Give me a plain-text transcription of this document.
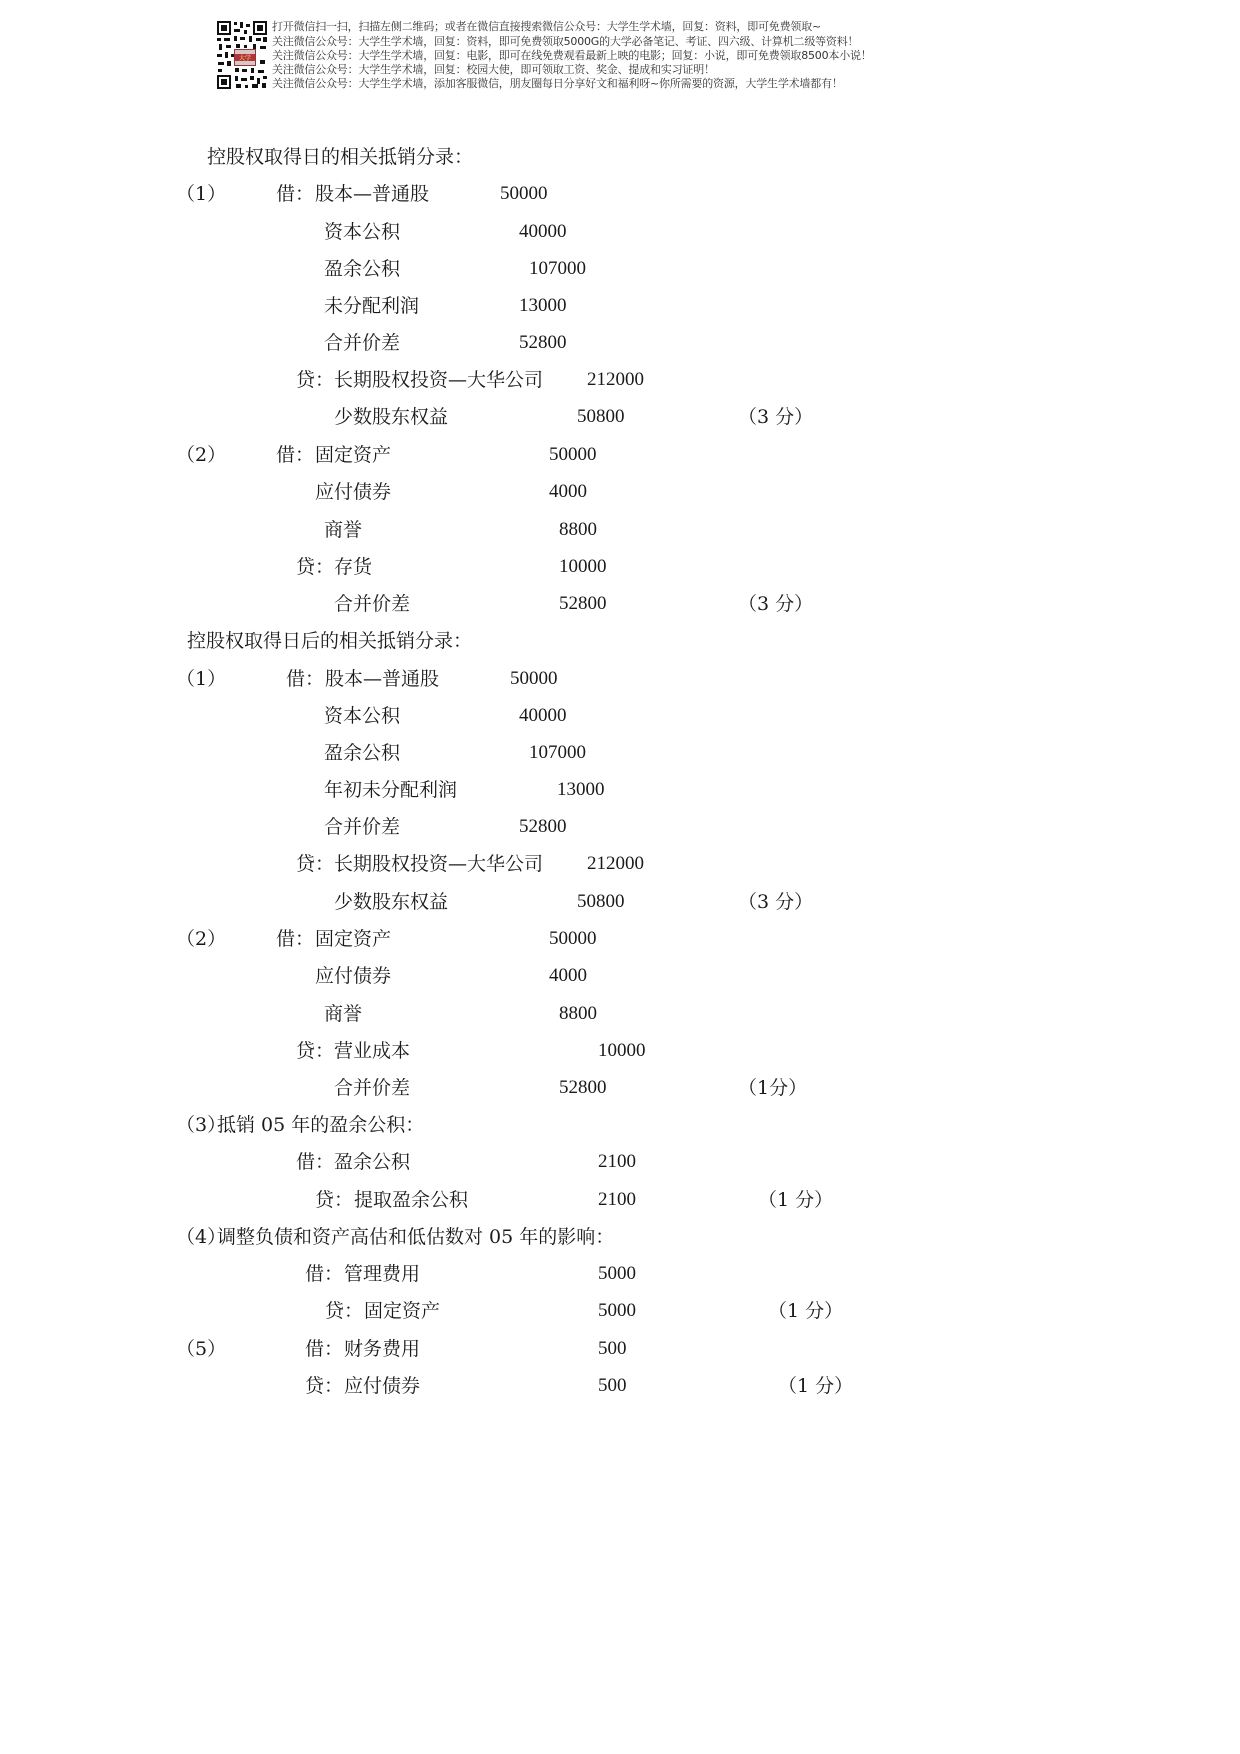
大学
打开微信扫一扫，扫描左侧二维码；或者在微信直接搜索微信公众号：大学生学术墙，回复：资料，即可免费领取~
关注微信公众号：大学生学术墙，回复：资料，即可免费领取5000G的大学必备笔记、考证、四六级、计算机二级等资料！
关注微信公众号：大学生学术墙，回复：电影，即可在线免费观看最新上映的电影；回复：小说，即可免费领取8500本小说！
关注微信公众号：大学生学术墙，回复：校园大使，即可领取工资、奖金、提成和实习证明！
关注微信公众号：大学生学术墙，添加客服微信，朋友圈每日分享好文和福利呀~你所需要的资源，大学生学术墙都有！
控股权取得日的相关抵销分录：
（1）	借： 股本—普通股	50000
资本公积	40000
盈余公积	107000
未分配利润	13000
合并价差	52800
贷： 长期股权投资—大华公司 212000
少数股东权益	50800	（3 分）
（2）	借： 固定资产	50000
应付债券	4000
商誉	8800
贷： 存货	10000
合并价差	52800	（3 分）
控股权取得日后的相关抵销分录：
（1）	借： 股本—普通股	50000
资本公积	40000
盈余公积	107000
年初未分配利润	13000
合并价差	52800
贷： 长期股权投资—大华公司 212000
少数股东权益	50800	（3 分）
（2）	借： 固定资产	50000
应付债券	4000
商誉	8800
贷： 营业成本	10000
合并价差	52800	（1分）
（3）
抵销 05 年的盈余公积：
借： 盈余公积	2100
贷： 提取盈余公积	2100	（1 分）
（4）
调整负债和资产高估和低估数对 05 年的影响：
借： 管理费用	5000
贷： 固定资产	5000	（1 分）
（5）	借： 财务费用	500
贷： 应付债券	500	（1 分）
